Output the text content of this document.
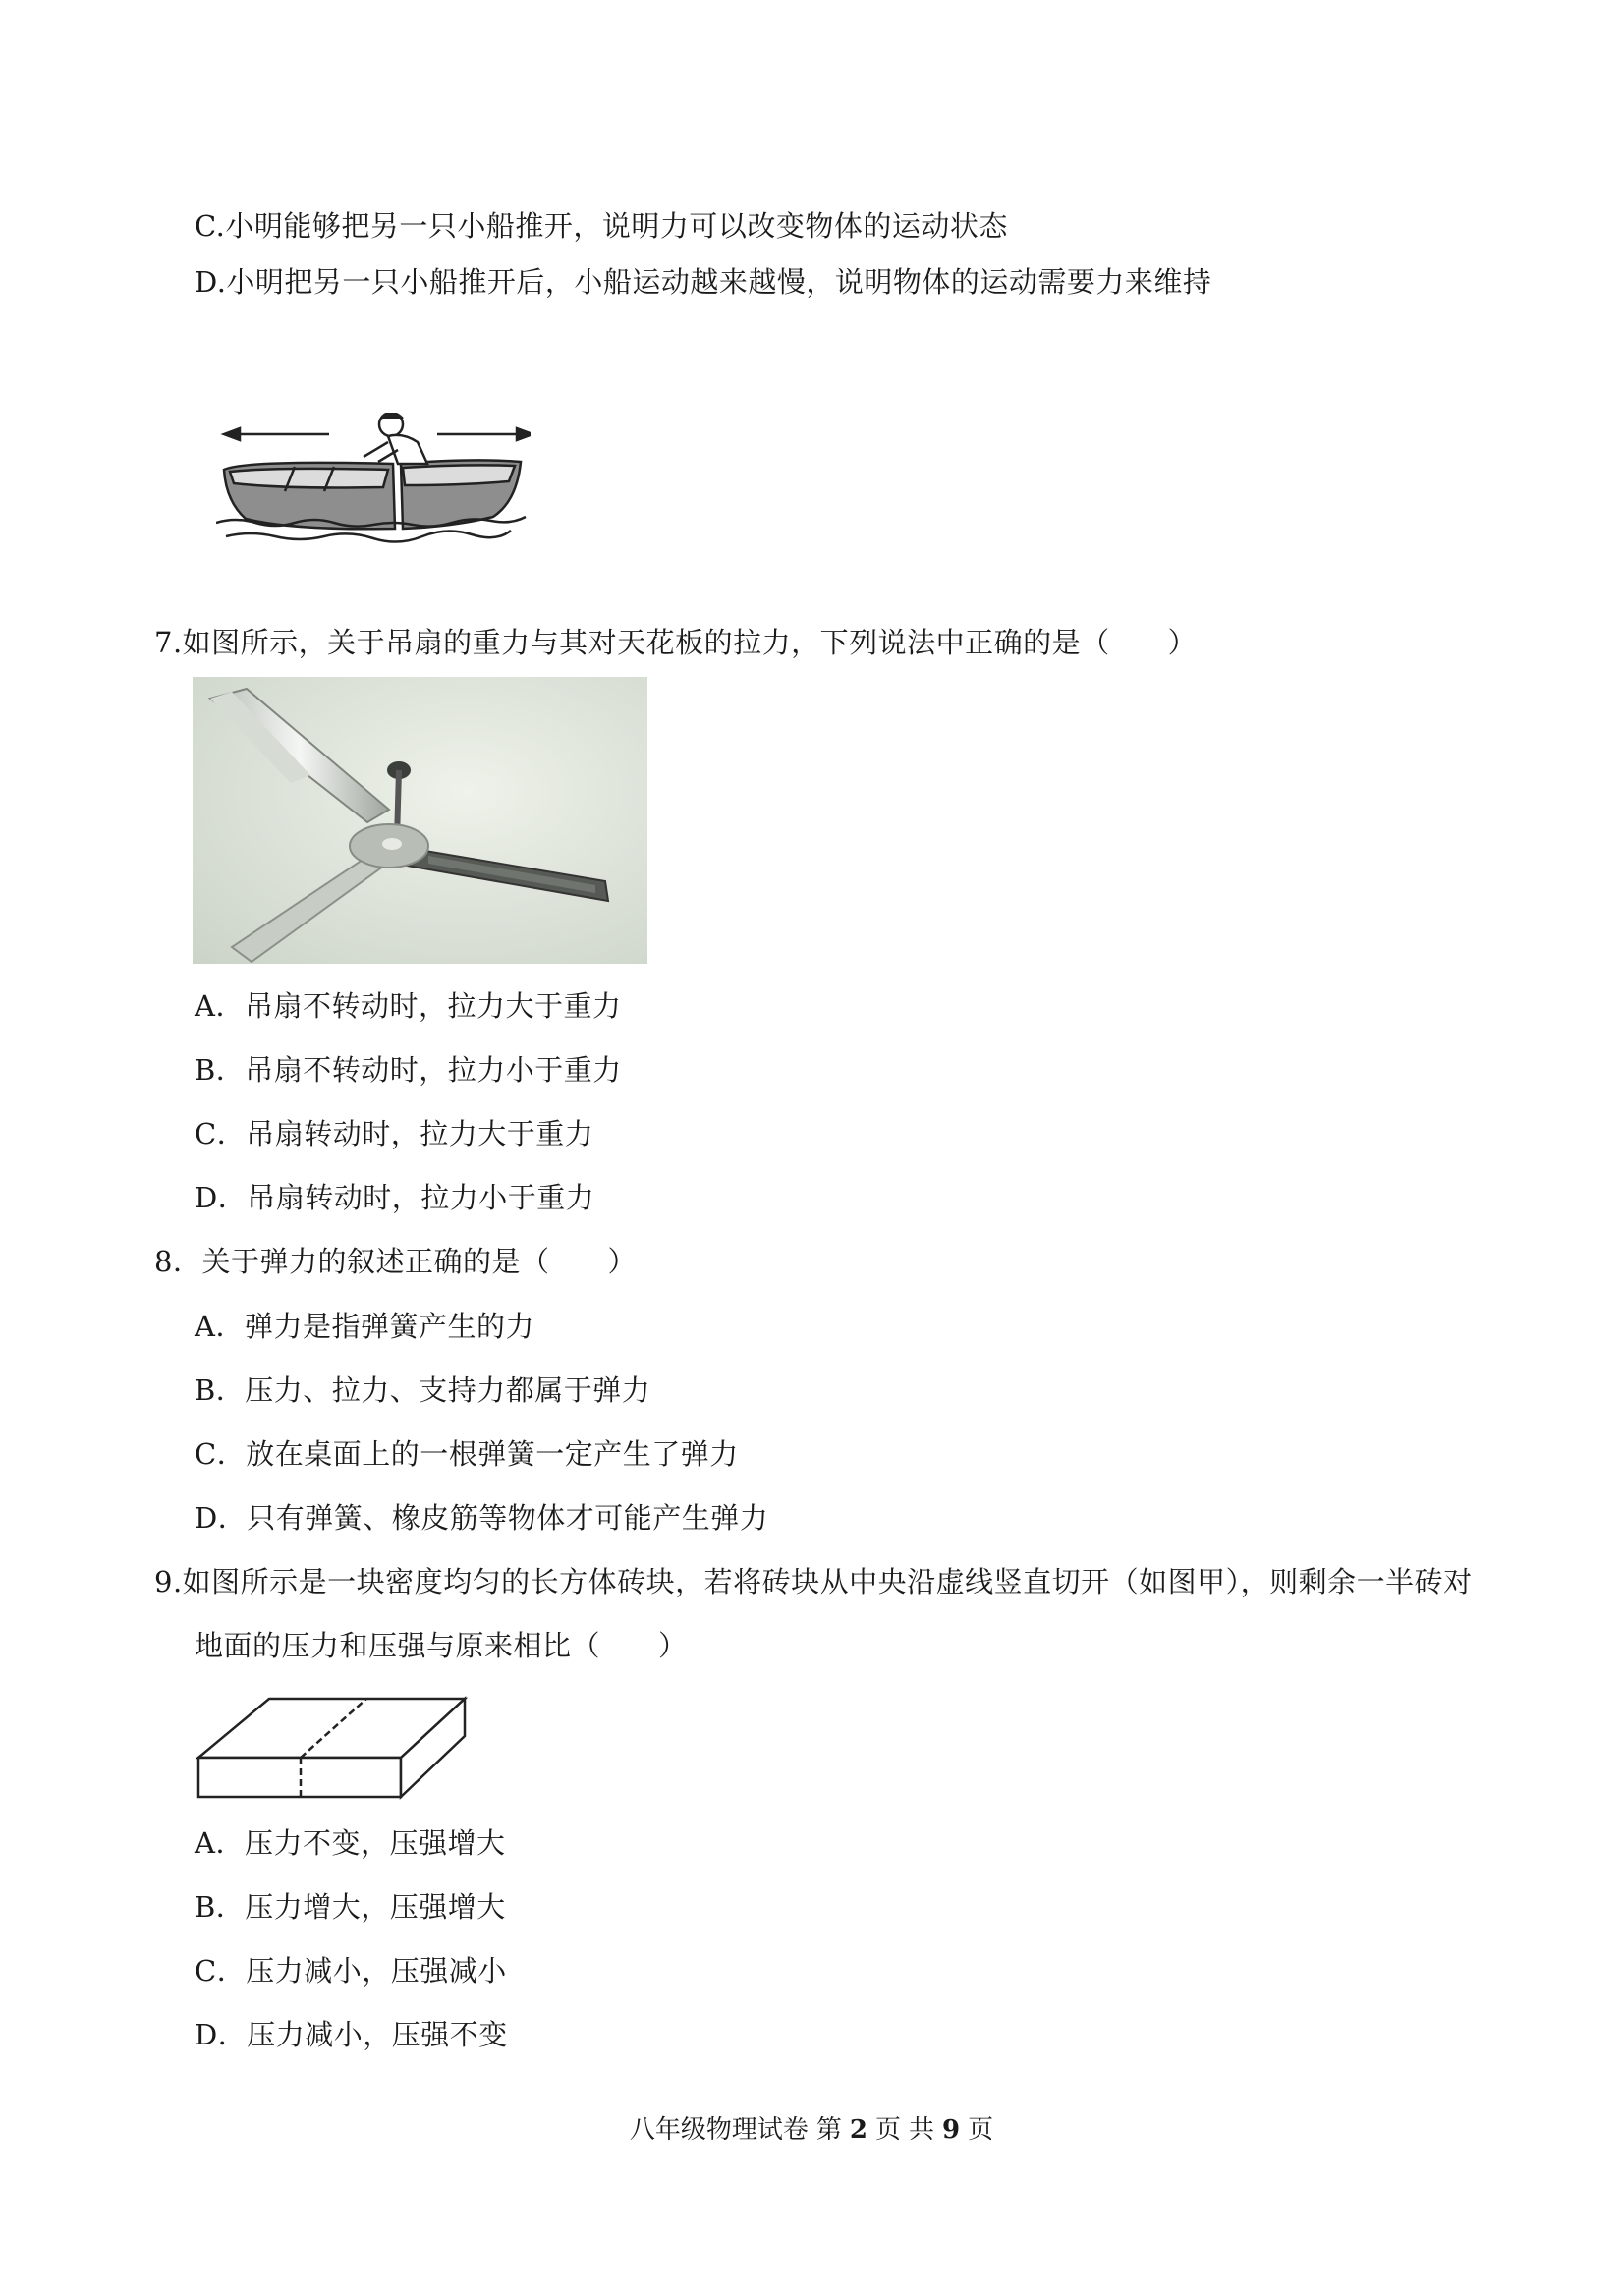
C.小明能够把另一只小船推开，说明力可以改变物体的运动状态
D.小明把另一只小船推开后，小船运动越来越慢，说明物体的运动需要力来维持
7.如图所示，关于吊扇的重力与其对天花板的拉力，下列说法中正确的是（　　）
A．吊扇不转动时，拉力大于重力
B．吊扇不转动时，拉力小于重力
C．吊扇转动时，拉力大于重力
D．吊扇转动时，拉力小于重力
8．关于弹力的叙述正确的是（　　）
A．弹力是指弹簧产生的力
B．压力、拉力、支持力都属于弹力
C．放在桌面上的一根弹簧一定产生了弹力
D．只有弹簧、橡皮筋等物体才可能产生弹力
9.如图所示是一块密度均匀的长方体砖块，若将砖块从中央沿虚线竖直切开（如图甲），则剩余一半砖对
地面的压力和压强与原来相比（　　）
A．压力不变，压强增大
B．压力增大，压强增大
C．压力减小，压强减小
D．压力减小，压强不变
八年级物理试卷 第 2 页 共 9 页
